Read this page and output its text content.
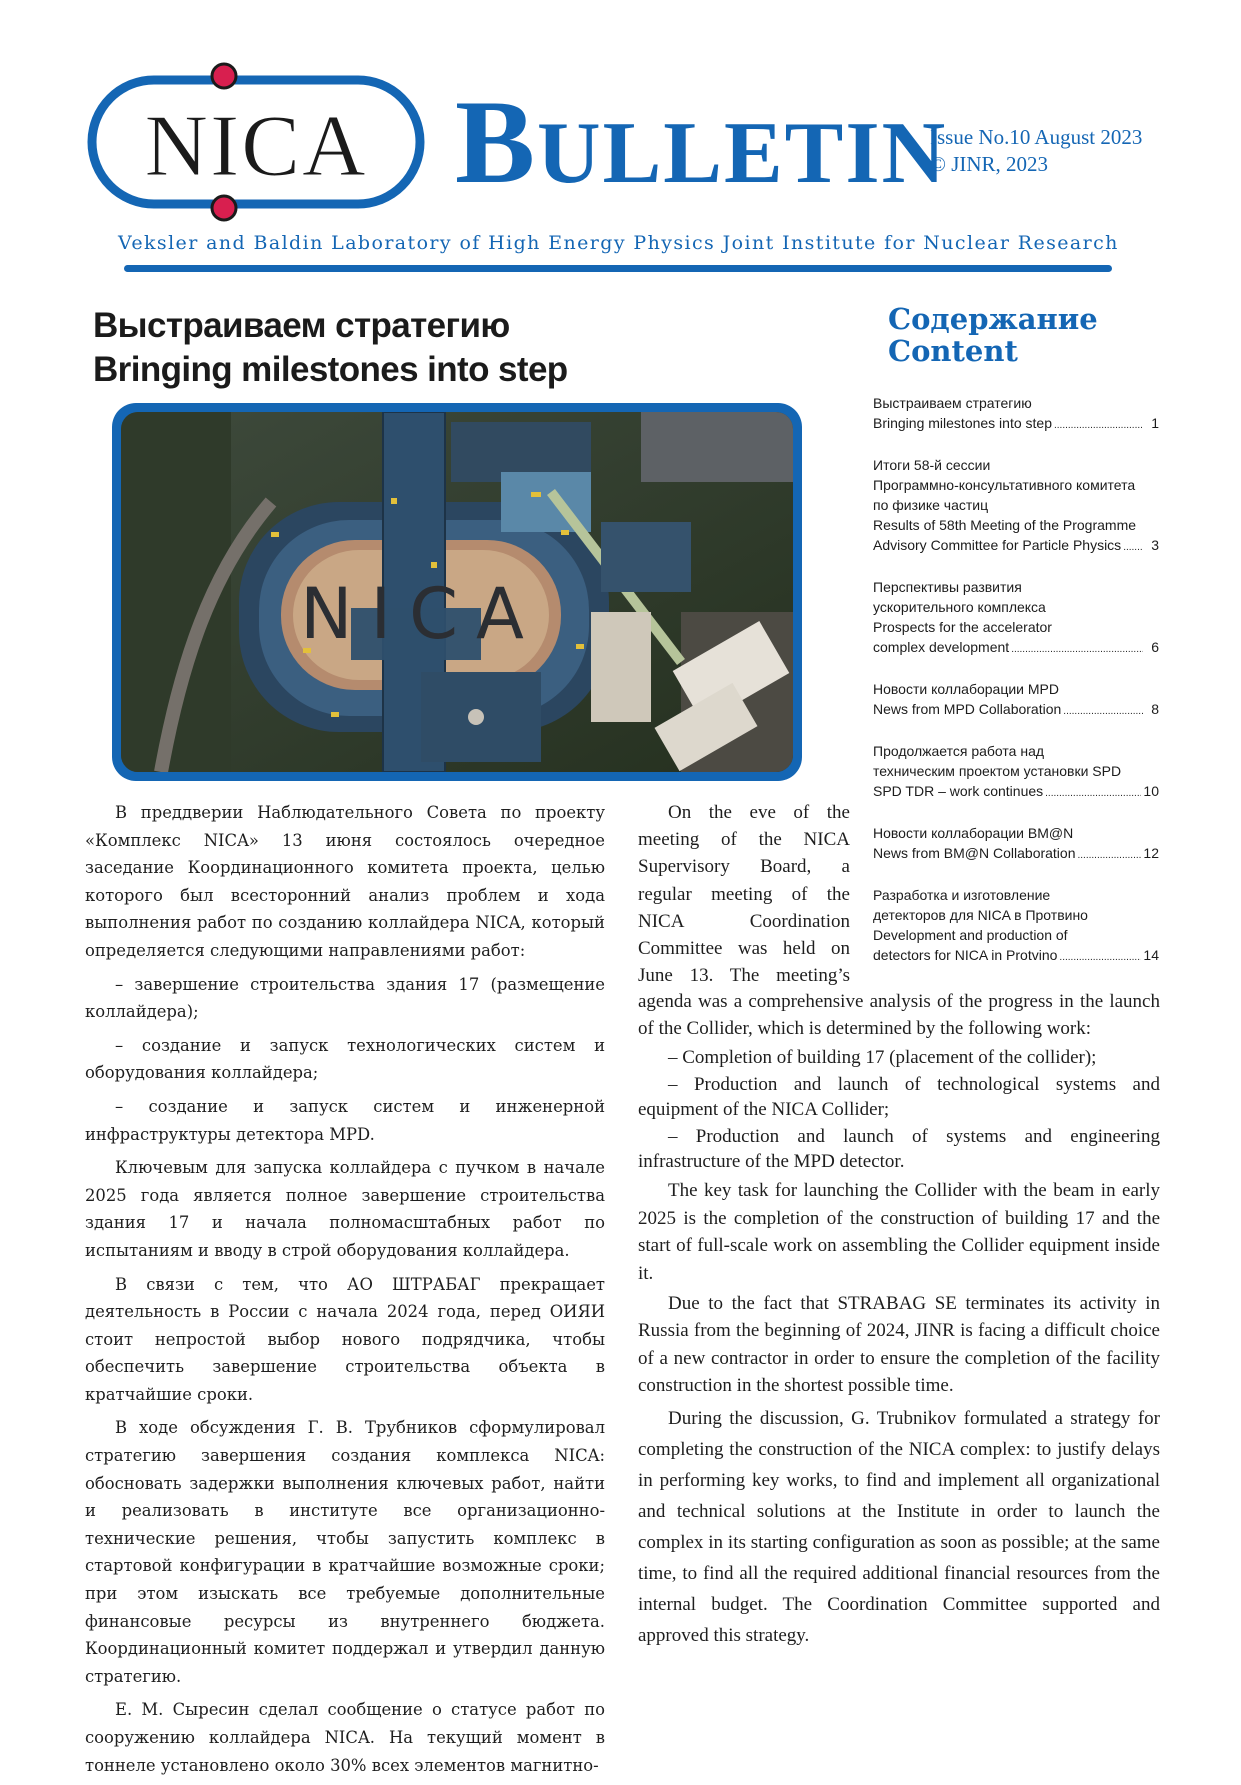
NICA BULLETIN
Issue No.10 August 2023
© JINR, 2023
Veksler and Baldin Laboratory of High Energy Physics Joint Institute for Nuclear Research
Выстраиваем стратегию
Bringing milestones into step
NICA
Содержание
Content
Выстраиваем стратегию
Bringing milestones into step .....	1
Итоги 58-й сессии
Программно-консультативного комитета
по физике частиц
Results of 58th Meeting of the Programme
Advisory Committee for Particle Physics .....	3
Перспективы развития
ускорительного комплекса
Prospects for the accelerator
complex development .....	6
Новости коллаборации MPD
News from MPD Collaboration .....	8
Продолжается работа над
техническим проектом установки SPD
SPD TDR – work continues .....	10
Новости коллаборации BM@N
News from BM@N Collaboration .....	12
Разработка и изготовление
детекторов для NICA в Протвино
Development and production of
detectors for NICA in Protvino .....	14

В преддверии Наблюдательного Совета по проекту «Комплекс NICA» 13 июня состоялось очередное заседание Координационного комитета проекта, целью которого был всесторонний анализ проблем и хода выполнения работ по созданию коллайдера NICA, который определяется следующими направлениями работ:

– завершение строительства здания 17 (размещение коллайдера);

– создание и запуск технологических систем и оборудования коллайдера;

– создание и запуск систем и инженерной инфраструктуры детектора MPD.

Ключевым для запуска коллайдера с пучком в начале 2025 года является полное завершение строительства здания 17 и начала полномасштабных работ по испытаниям и вводу в строй оборудования коллайдера.

В связи с тем, что АО ШТРАБАГ прекращает деятельность в России с начала 2024 года, перед ОИЯИ стоит непростой выбор нового подрядчика, чтобы обеспечить завершение строительства объекта в кратчайшие сроки.

В ходе обсуждения Г. В. Трубников сформулировал стратегию завершения создания комплекса NICA: обосновать задержки выполнения ключевых работ, найти и реализовать в институте все организационно-технические решения, чтобы запустить комплекс в стартовой конфигурации в кратчайшие возможные сроки; при этом изыскать все требуемые дополнительные финансовые ресурсы из внутреннего бюджета. Координационный комитет поддержал и утвердил данную стратегию.

Е. М. Сыресин сделал сообщение о статусе работ по сооружению коллайдера NICA. На текущий момент в тоннеле установлено около 30% всех элементов магнитно-

On the eve of the

meeting of the NICA

Supervisory Board, a

regular meeting of the

NICA Coordination

Committee was held on

June 13. The meeting’s

agenda was a comprehensive analysis of the progress in the launch of the Collider, which is determined by the following work:

– Completion of building 17 (placement of the collider);

– Production and launch of technological systems and equipment of the NICA Collider;

– Production and launch of systems and engineering infrastructure of the MPD detector.

The key task for launching the Collider with the beam in early 2025 is the completion of the construction of building 17 and the start of full-scale work on assembling the Collider equipment inside it.

Due to the fact that STRABAG SE terminates its activity in Russia from the beginning of 2024, JINR is facing a difficult choice of a new contractor in order to ensure the completion of the facility construction in the shortest possible time.

During the discussion, G. Trubnikov formulated a strategy for completing the construction of the NICA complex: to justify delays in performing key works, to find and implement all organizational and technical solutions at the Institute in order to launch the complex in its starting configuration as soon as possible; at the same time, to find all the required additional financial resources from the internal budget. The Coordination Committee supported and approved this strategy.
